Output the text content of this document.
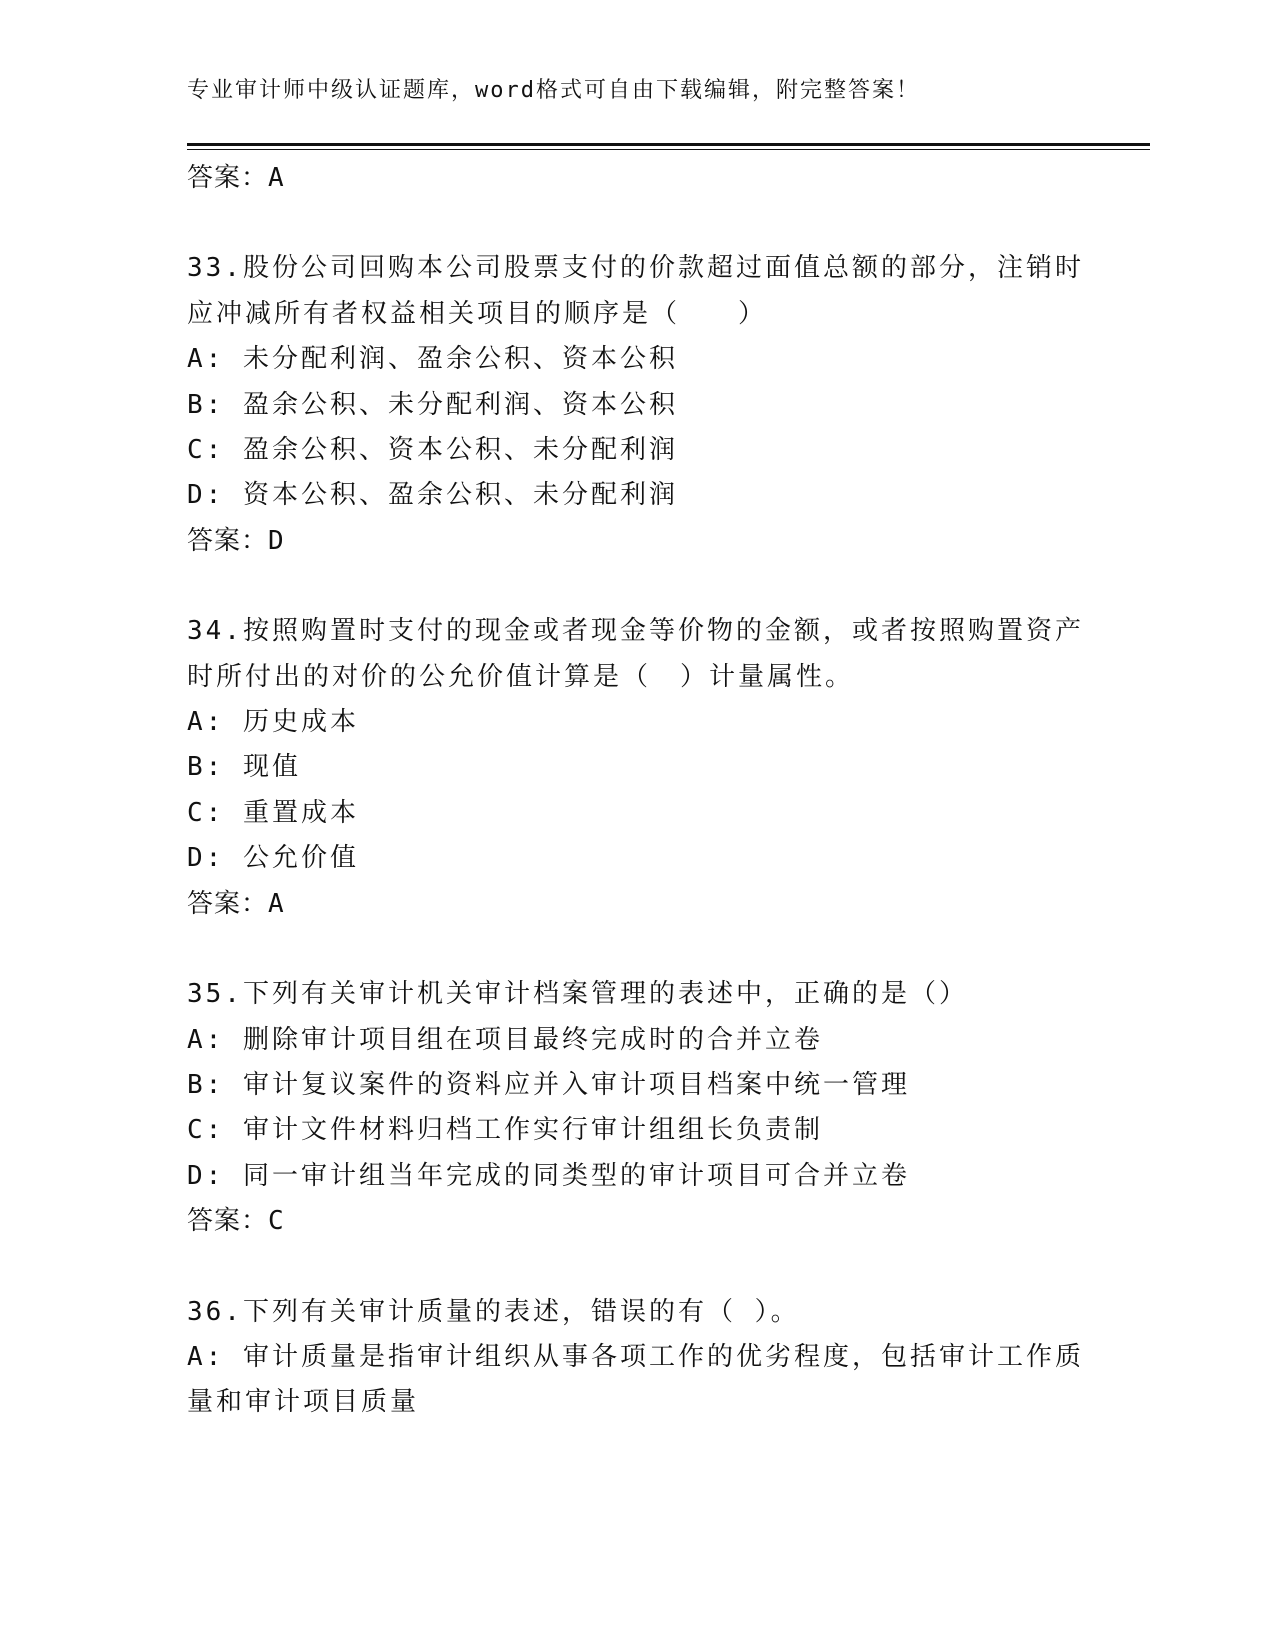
专业审计师中级认证题库，word格式可自由下载编辑，附完整答案！
答案：A
33.股份公司回购本公司股票支付的价款超过面值总额的部分，注销时
应冲减所有者权益相关项目的顺序是（　　）
A: 未分配利润、盈余公积、资本公积
B: 盈余公积、未分配利润、资本公积
C: 盈余公积、资本公积、未分配利润
D: 资本公积、盈余公积、未分配利润
答案：D
34.按照购置时支付的现金或者现金等价物的金额，或者按照购置资产
时所付出的对价的公允价值计算是（　）计量属性。
A: 历史成本
B: 现值
C: 重置成本
D: 公允价值
答案：A
35.下列有关审计机关审计档案管理的表述中，正确的是（）
A: 删除审计项目组在项目最终完成时的合并立卷
B: 审计复议案件的资料应并入审计项目档案中统一管理
C: 审计文件材料归档工作实行审计组组长负责制
D: 同一审计组当年完成的同类型的审计项目可合并立卷
答案：C
36.下列有关审计质量的表述，错误的有（ ）。
A: 审计质量是指审计组织从事各项工作的优劣程度，包括审计工作质
量和审计项目质量
